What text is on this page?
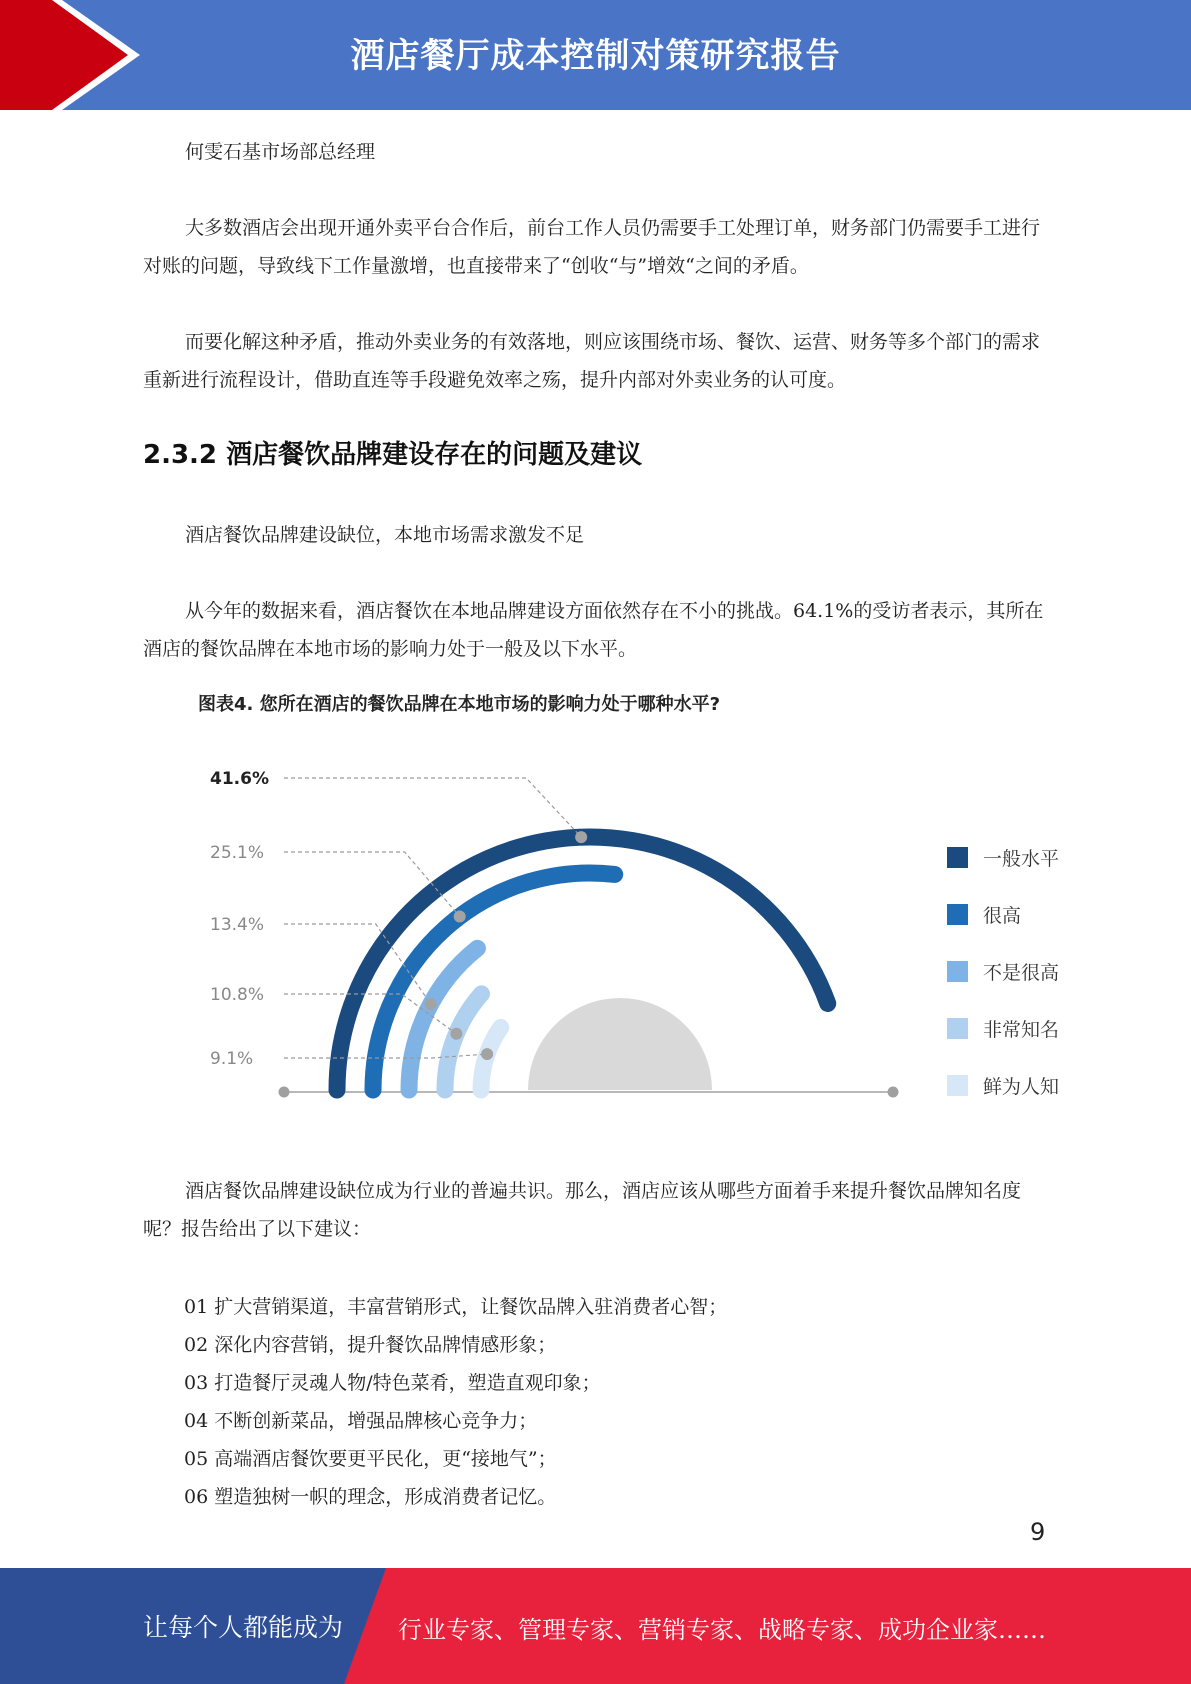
酒店餐厅成本控制对策研究报告
何雯石基市场部总经理
大多数酒店会出现开通外卖平台合作后，前台工作人员仍需要手工处理订单，财务部门仍需要手工进行对账的问题，导致线下工作量激增，也直接带来了“创收“与”增效“之间的矛盾。
而要化解这种矛盾，推动外卖业务的有效落地，则应该围绕市场、餐饮、运营、财务等多个部门的需求重新进行流程设计，借助直连等手段避免效率之殇，提升内部对外卖业务的认可度。
2.3.2 酒店餐饮品牌建设存在的问题及建议
酒店餐饮品牌建设缺位，本地市场需求激发不足
从今年的数据来看，酒店餐饮在本地品牌建设方面依然存在不小的挑战。64.1%的受访者表示，其所在酒店的餐饮品牌在本地市场的影响力处于一般及以下水平。
图表4. 您所在酒店的餐饮品牌在本地市场的影响力处于哪种水平?
41.6%
一般水平
25.1%
很高
13.4%
不是很高
10.8%
非常知名
9.1%
鲜为人知
酒店餐饮品牌建设缺位成为行业的普遍共识。那么，酒店应该从哪些方面着手来提升餐饮品牌知名度呢？报告给出了以下建议：
01 扩大营销渠道，丰富营销形式，让餐饮品牌入驻消费者心智；
02 深化内容营销，提升餐饮品牌情感形象；
03 打造餐厅灵魂人物/特色菜肴，塑造直观印象；
04 不断创新菜品，增强品牌核心竞争力；
05 高端酒店餐饮要更平民化，更“接地气”；
06 塑造独树一帜的理念，形成消费者记忆。
9
让每个人都能成为 行业专家、管理专家、营销专家、战略专家、成功企业家……
